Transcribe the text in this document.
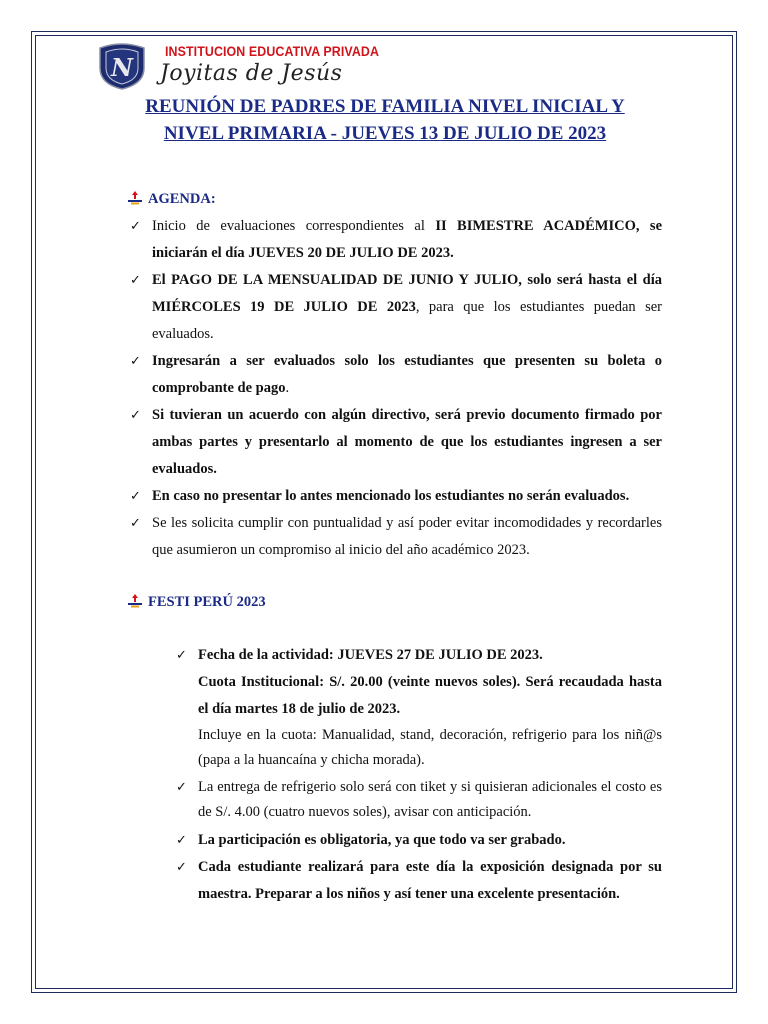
N
INSTITUCION EDUCATIVA PRIVADA
Joyitas de Jesús
REUNIÓN DE PADRES DE FAMILIA NIVEL INICIAL Y
NIVEL PRIMARIA - JUEVES 13 DE JULIO DE 2023
AGENDA:
✓ Inicio de evaluaciones correspondientes al II BIMESTRE ACADÉMICO, se iniciarán el día JUEVES 20 DE JULIO DE 2023.
✓ El PAGO DE LA MENSUALIDAD DE JUNIO Y JULIO, solo será hasta el día MIÉRCOLES 19 DE JULIO DE 2023, para que los estudiantes puedan ser evaluados.
✓ Ingresarán a ser evaluados solo los estudiantes que presenten su boleta o comprobante de pago.
✓ Si tuvieran un acuerdo con algún directivo, será previo documento firmado por ambas partes y presentarlo al momento de que los estudiantes ingresen a ser evaluados.
✓ En caso no presentar lo antes mencionado los estudiantes no serán evaluados.
✓ Se les solicita cumplir con puntualidad y así poder evitar incomodidades y recordarles que asumieron un compromiso al inicio del año académico 2023.
FESTI PERÚ 2023
✓ Fecha de la actividad: JUEVES 27 DE JULIO DE 2023.
Cuota Institucional: S/. 20.00 (veinte nuevos soles). Será recaudada hasta el día martes 18 de julio de 2023.
Incluye en la cuota: Manualidad, stand, decoración, refrigerio para los niñ@s (papa a la huancaína y chicha morada).
✓ La entrega de refrigerio solo será con tiket y si quisieran adicionales el costo es de S/. 4.00 (cuatro nuevos soles), avisar con anticipación.
✓ La participación es obligatoria, ya que todo va ser grabado.
✓ Cada estudiante realizará para este día la exposición designada por su maestra. Preparar a los niños y así tener una excelente presentación.
